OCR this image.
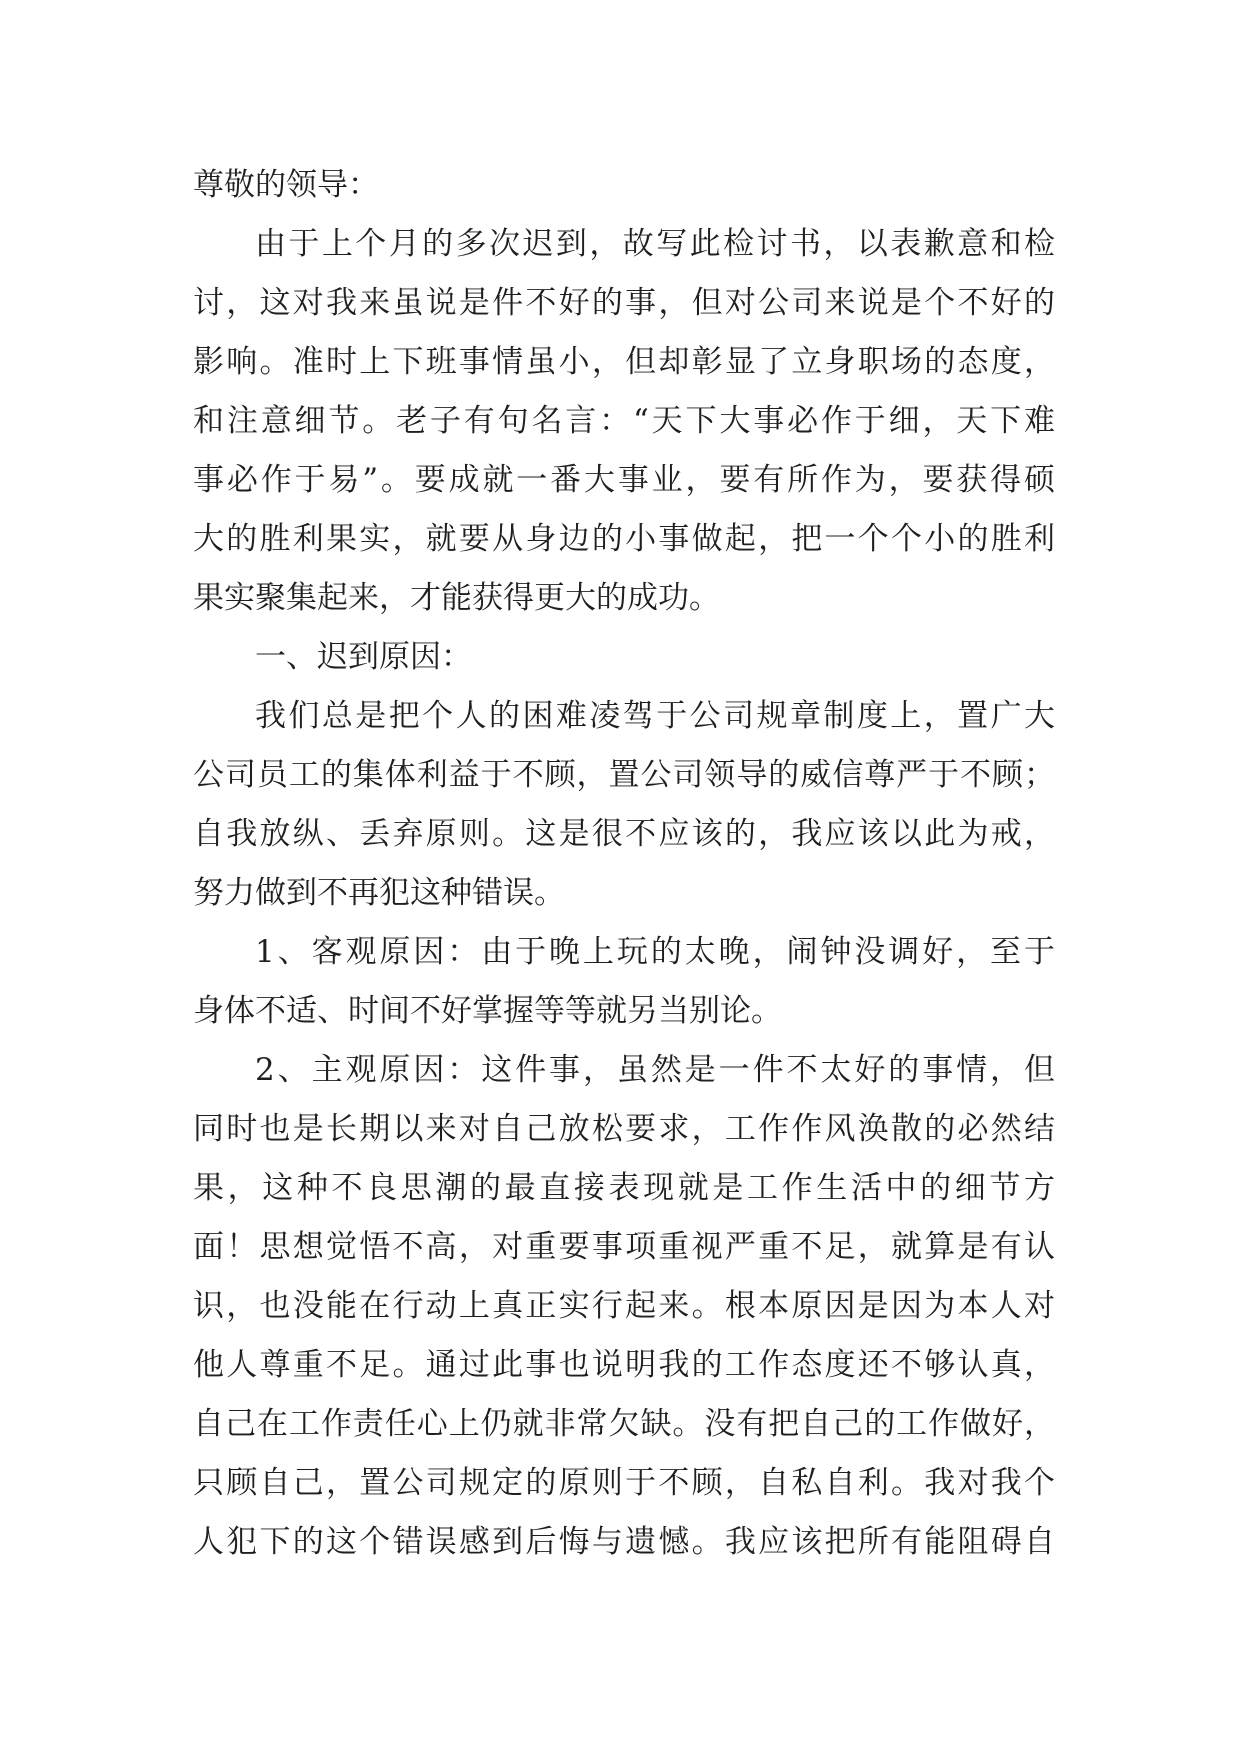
尊敬的领导：
由于上个月的多次迟到，故写此检讨书，以表歉意和检
讨，这对我来虽说是件不好的事，但对公司来说是个不好的
影响。准时上下班事情虽小，但却彰显了立身职场的态度，
和注意细节。老子有句名言：“天下大事必作于细，天下难
事必作于易”。要成就一番大事业，要有所作为，要获得硕
大的胜利果实，就要从身边的小事做起，把一个个小的胜利
果实聚集起来，才能获得更大的成功。
一、迟到原因：
我们总是把个人的困难凌驾于公司规章制度上，置广大
公司员工的集体利益于不顾，置公司领导的威信尊严于不顾；
自我放纵、丢弃原则。这是很不应该的，我应该以此为戒，
努力做到不再犯这种错误。
1、客观原因：由于晚上玩的太晚，闹钟没调好，至于
身体不适、时间不好掌握等等就另当别论。
2、主观原因：这件事，虽然是一件不太好的事情，但
同时也是长期以来对自己放松要求，工作作风涣散的必然结
果，这种不良思潮的最直接表现就是工作生活中的细节方
面！思想觉悟不高，对重要事项重视严重不足，就算是有认
识，也没能在行动上真正实行起来。根本原因是因为本人对
他人尊重不足。通过此事也说明我的工作态度还不够认真，
自己在工作责任心上仍就非常欠缺。没有把自己的工作做好，
只顾自己，置公司规定的原则于不顾，自私自利。我对我个
人犯下的这个错误感到后悔与遗憾。我应该把所有能阻碍自
